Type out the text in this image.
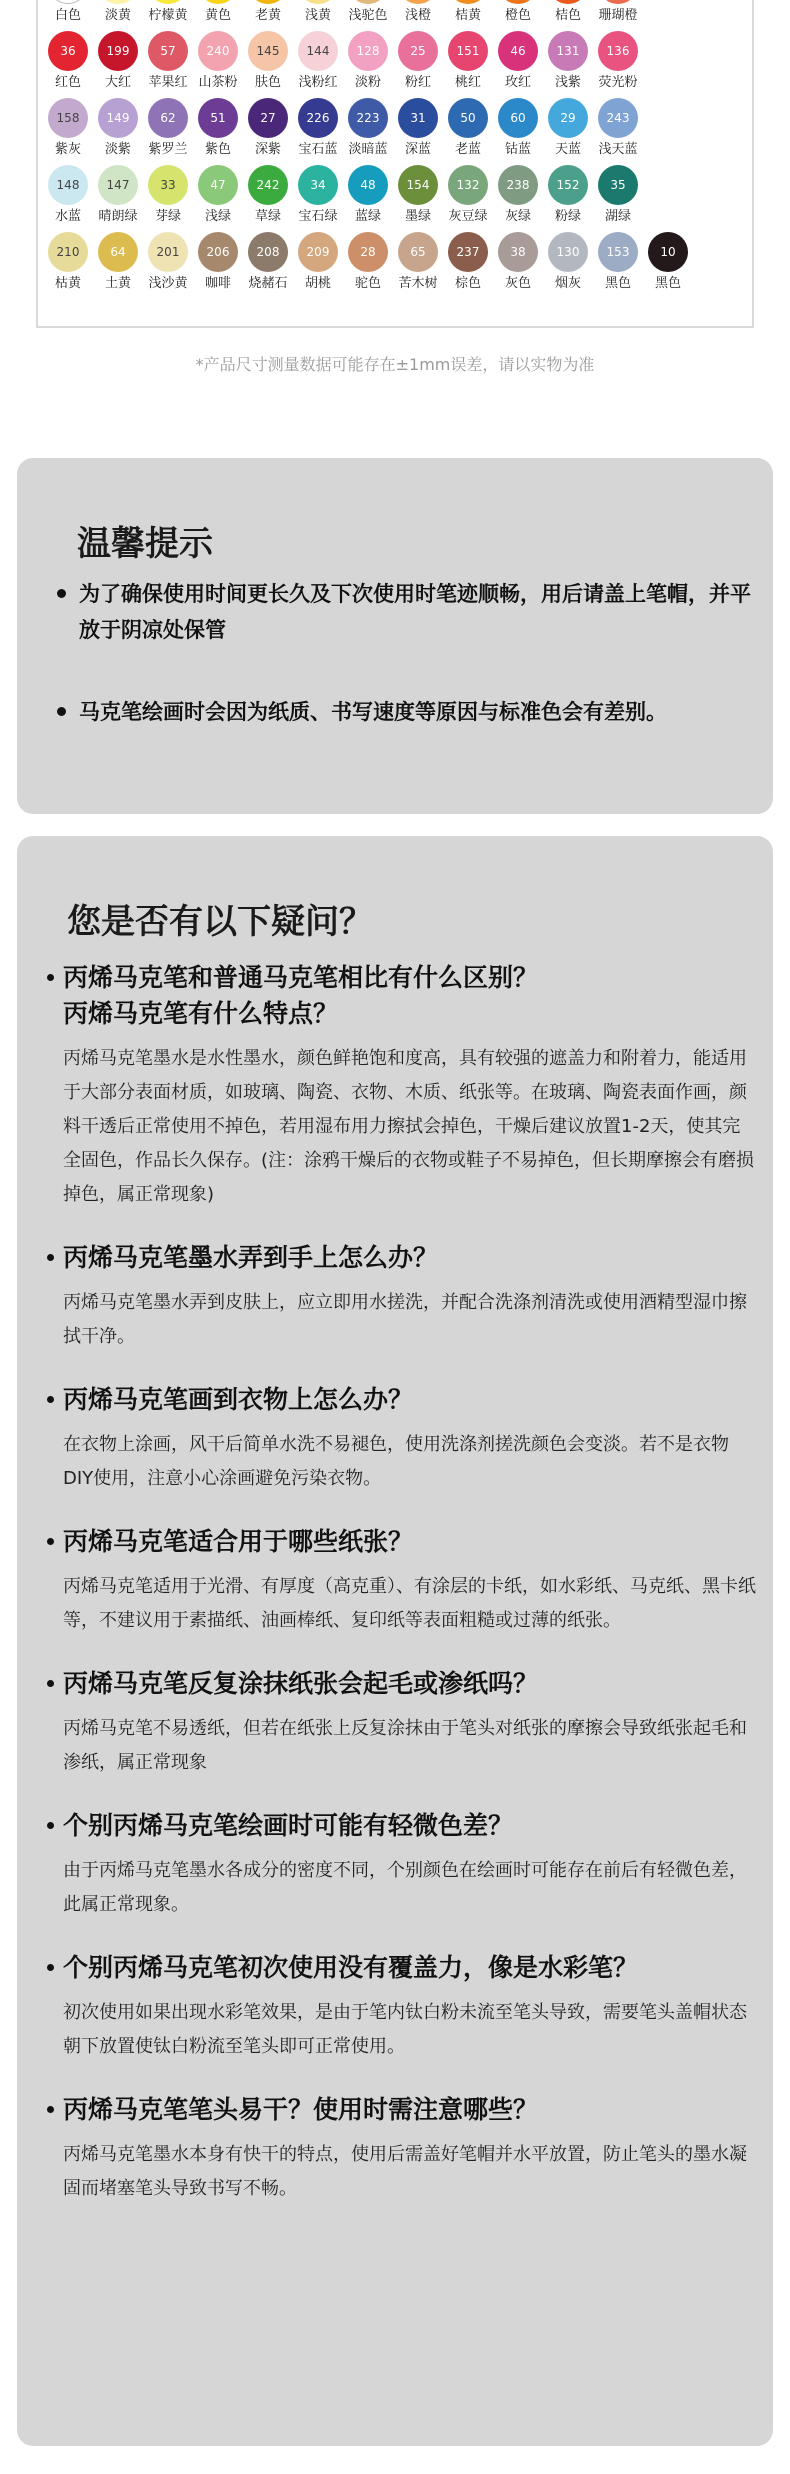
白色 淡黄 柠檬黄 黄色 老黄 浅黄 浅驼色 浅橙 桔黄 橙色 桔色 珊瑚橙
36
红色
199
大红
57
苹果红
240
山茶粉
145
肤色
144
浅粉红
128
淡粉
25
粉红
151
桃红
46
玫红
131
浅紫
136
荧光粉
158
紫灰
149
淡紫
62
紫罗兰
51
紫色
27
深紫
226
宝石蓝
223
淡暗蓝
31
深蓝
50
老蓝
60
钴蓝
29
天蓝
243
浅天蓝
148
水蓝
147
晴朗绿
33
芽绿
47
浅绿
242
草绿
34
宝石绿
48
蓝绿
154
墨绿
132
灰豆绿
238
灰绿
152
粉绿
35
湖绿
210
枯黄
64
土黄
201
浅沙黄
206
咖啡
208
烧赭石
209
胡桃
28
驼色
65
苦木树
237
棕色
38
灰色
130
烟灰
153
黑色
10
黑色
*产品尺寸测量数据可能存在±1mm误差，请以实物为准
温馨提示
为了确保使用时间更长久及下次使用时笔迹顺畅，用后请盖上笔帽，并平放于阴凉处保管
马克笔绘画时会因为纸质、书写速度等原因与标准色会有差别。
您是否有以下疑问？
丙烯马克笔和普通马克笔相比有什么区别？
丙烯马克笔有什么特点？
丙烯马克笔墨水是水性墨水，颜色鲜艳饱和度高，具有较强的遮盖力和附着力，能适用于大部分表面材质，如玻璃、陶瓷、衣物、木质、纸张等。在玻璃、陶瓷表面作画，颜料干透后正常使用不掉色，若用湿布用力擦拭会掉色，干燥后建议放置1-2天，使其完全固色，作品长久保存。(注：涂鸦干燥后的衣物或鞋子不易掉色，但长期摩擦会有磨损掉色，属正常现象)
丙烯马克笔墨水弄到手上怎么办？
丙烯马克笔墨水弄到皮肤上，应立即用水搓洗，并配合洗涤剂清洗或使用酒精型湿巾擦拭干净。
丙烯马克笔画到衣物上怎么办？
在衣物上涂画，风干后简单水洗不易褪色，使用洗涤剂搓洗颜色会变淡。若不是衣物DIY使用，注意小心涂画避免污染衣物。
丙烯马克笔适合用于哪些纸张？
丙烯马克笔适用于光滑、有厚度（高克重）、有涂层的卡纸，如水彩纸、马克纸、黑卡纸等，不建议用于素描纸、油画棒纸、复印纸等表面粗糙或过薄的纸张。
丙烯马克笔反复涂抹纸张会起毛或渗纸吗？
丙烯马克笔不易透纸，但若在纸张上反复涂抹由于笔头对纸张的摩擦会导致纸张起毛和渗纸，属正常现象
个别丙烯马克笔绘画时可能有轻微色差？
由于丙烯马克笔墨水各成分的密度不同，个别颜色在绘画时可能存在前后有轻微色差，此属正常现象。
个别丙烯马克笔初次使用没有覆盖力，像是水彩笔？
初次使用如果出现水彩笔效果，是由于笔内钛白粉未流至笔头导致，需要笔头盖帽状态朝下放置使钛白粉流至笔头即可正常使用。
丙烯马克笔笔头易干？使用时需注意哪些？
丙烯马克笔墨水本身有快干的特点，使用后需盖好笔帽并水平放置，防止笔头的墨水凝固而堵塞笔头导致书写不畅。
